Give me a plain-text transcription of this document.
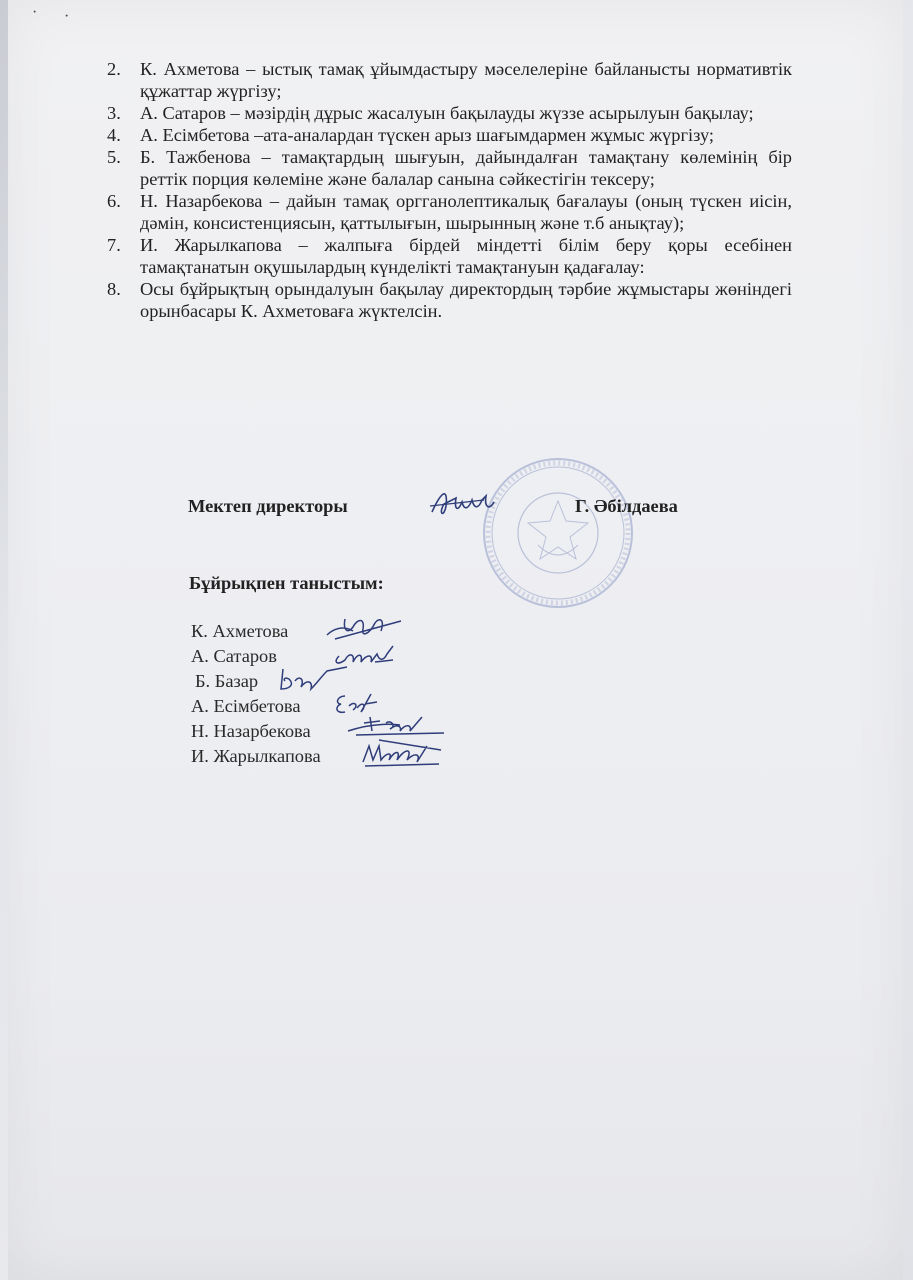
· ·
2. К. Ахметова – ыстық тамақ ұйымдастыру мәселелеріне байланысты нормативтік құжаттар жүргізу;
3. А. Сатаров – мәзірдің дұрыс жасалуын бақылауды жүззе асырылуын бақылау;
4. А. Есімбетова –ата-аналардан түскен арыз шағымдармен жұмыс жүргізу;
5. Б. Тажбенова – тамақтардың шығуын, дайындалған тамақтану көлемінің бір реттік порция көлеміне және балалар санына сәйкестігін тексеру;
6. Н. Назарбекова – дайын тамақ оргганолептикалық бағалауы (оның түскен иісін, дәмін, консистенциясын, қаттылығын, шырынның және т.б анықтау);
7. И. Жарылкапова – жалпыға бірдей міндетті білім беру қоры есебінен тамақтанатын оқушылардың күнделікті тамақтануын қадағалау:
8. Осы бұйрықтың орындалуын бақылау директордың тәрбие жұмыстары жөніндегі орынбасары К. Ахметоваға жүктелсін.
Мектеп директоры	Г. Әбілдаева
Бұйрықпен таныстым:
К. Ахметова
А. Сатаров
Б. Базар
А. Есімбетова
Н. Назарбекова
И. Жарылкапова
